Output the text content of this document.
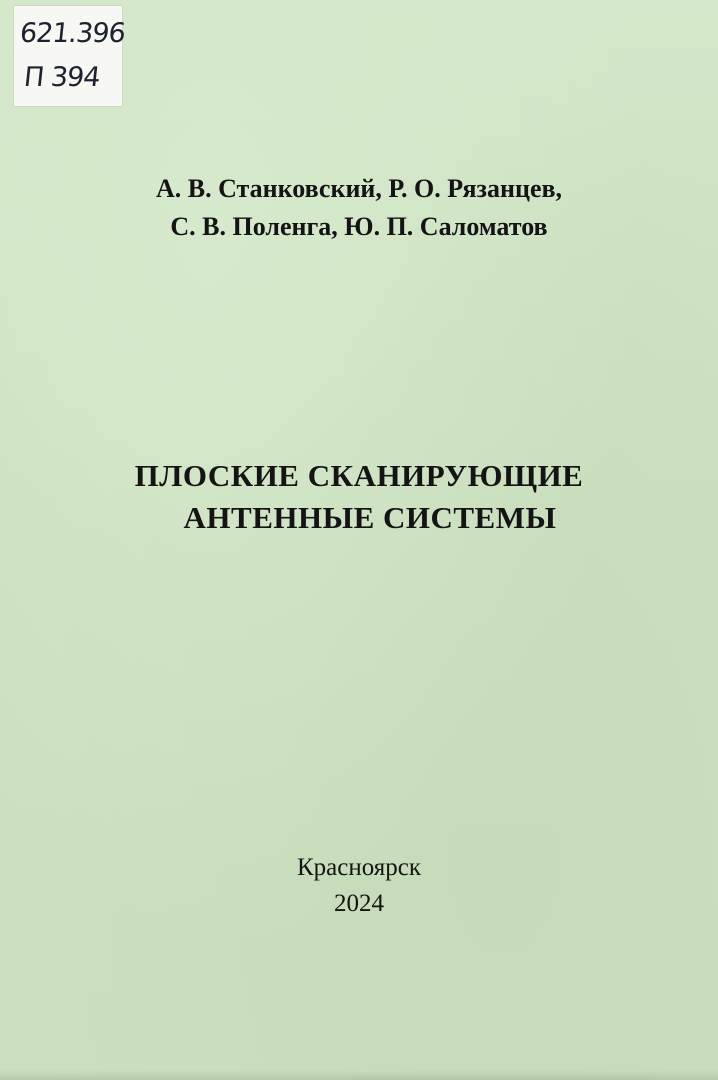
621.396
П 394
А. В. Станковский, Р. О. Рязанцев,
С. В. Поленга, Ю. П. Саломатов
ПЛОСКИЕ СКАНИРУЮЩИЕ
АНТЕННЫЕ СИСТЕМЫ
Красноярск
2024
